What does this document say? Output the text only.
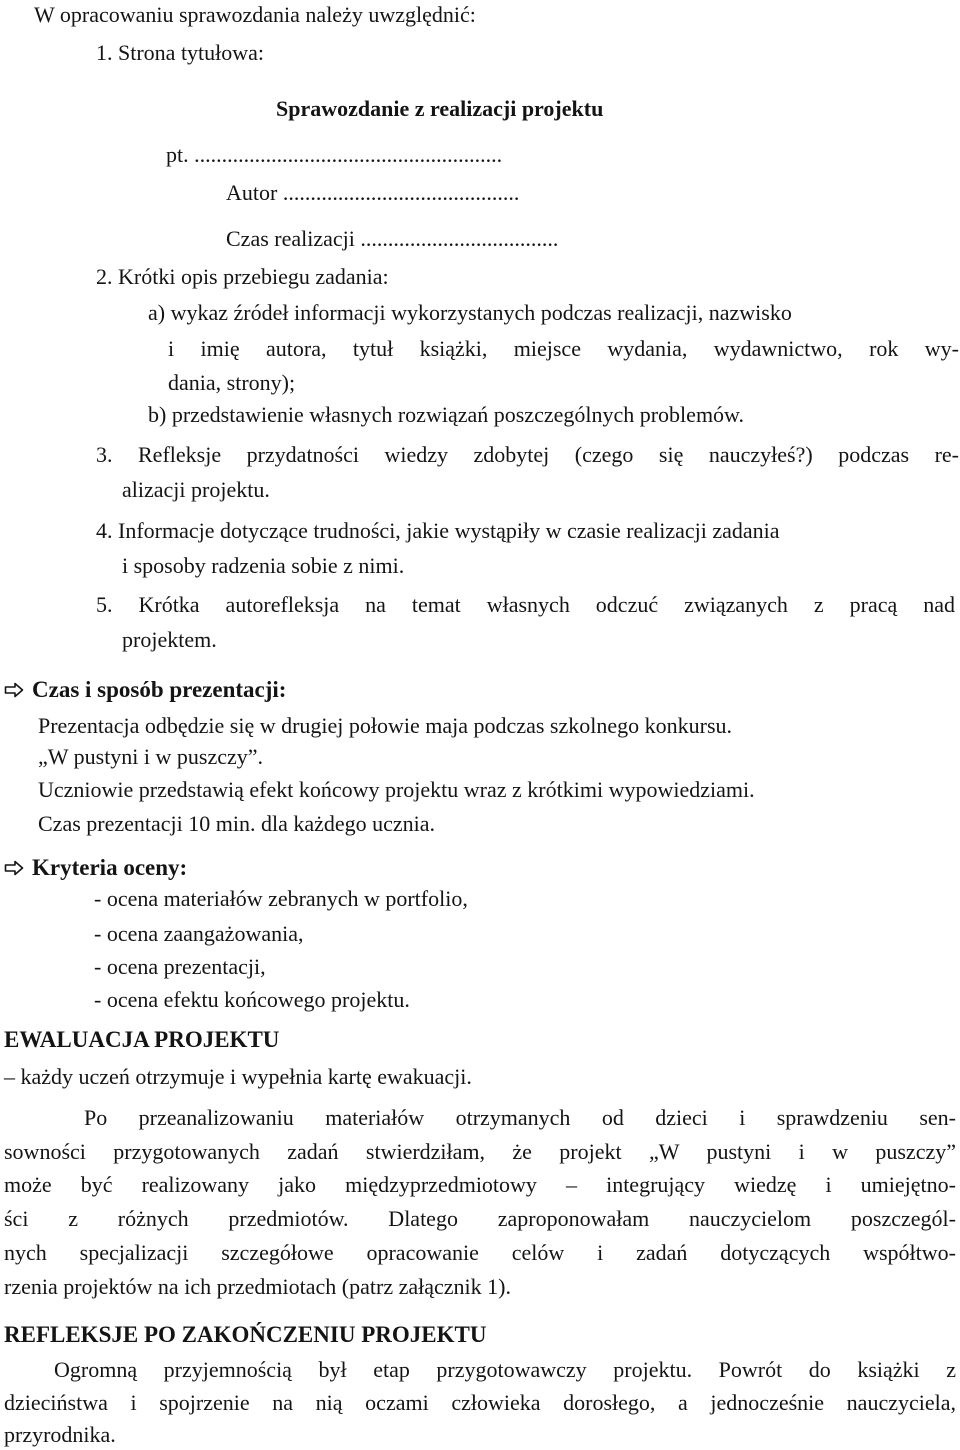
W opracowaniu sprawozdania należy uwzględnić:
1. Strona tytułowa:
Sprawozdanie z realizacji projektu
pt. ........................................................
Autor ...........................................
Czas realizacji ....................................
2. Krótki opis przebiegu zadania:
a) wykaz źródeł informacji wykorzystanych podczas realizacji, nazwisko
i imię autora, tytuł książki, miejsce wydania, wydawnictwo, rok wy-
dania, strony);
b) przedstawienie własnych rozwiązań poszczególnych problemów.
3. Refleksje przydatności wiedzy zdobytej (czego się nauczyłeś?) podczas re-
alizacji projektu.
4. Informacje dotyczące trudności, jakie wystąpiły w czasie realizacji zadania
i sposoby radzenia sobie z nimi.
5. Krótka autorefleksja na temat własnych odczuć związanych z pracą nad
projektem.
Czas i sposób prezentacji:
Prezentacja odbędzie się w drugiej połowie maja podczas szkolnego konkursu.
„W pustyni i w puszczy”.
Uczniowie przedstawią efekt końcowy projektu wraz z krótkimi wypowiedziami.
Czas prezentacji 10 min. dla każdego ucznia.
Kryteria oceny:
- ocena materiałów zebranych w portfolio,
- ocena zaangażowania,
- ocena prezentacji,
- ocena efektu końcowego projektu.
EWALUACJA PROJEKTU
– każdy uczeń otrzymuje i wypełnia kartę ewakuacji.
Po przeanalizowaniu materiałów otrzymanych od dzieci i sprawdzeniu sen-
sowności przygotowanych zadań stwierdziłam, że projekt „W pustyni i w puszczy”
może być realizowany jako międzyprzedmiotowy – integrujący wiedzę i umiejętno-
ści z różnych przedmiotów. Dlatego zaproponowałam nauczycielom poszczegól-
nych specjalizacji szczegółowe opracowanie celów i zadań dotyczących współtwo-
rzenia projektów na ich przedmiotach (patrz załącznik 1).
REFLEKSJE PO ZAKOŃCZENIU PROJEKTU
Ogromną przyjemnością był etap przygotowawczy projektu. Powrót do książki z
dzieciństwa i spojrzenie na nią oczami człowieka dorosłego, a jednocześnie nauczyciela,
przyrodnika.
